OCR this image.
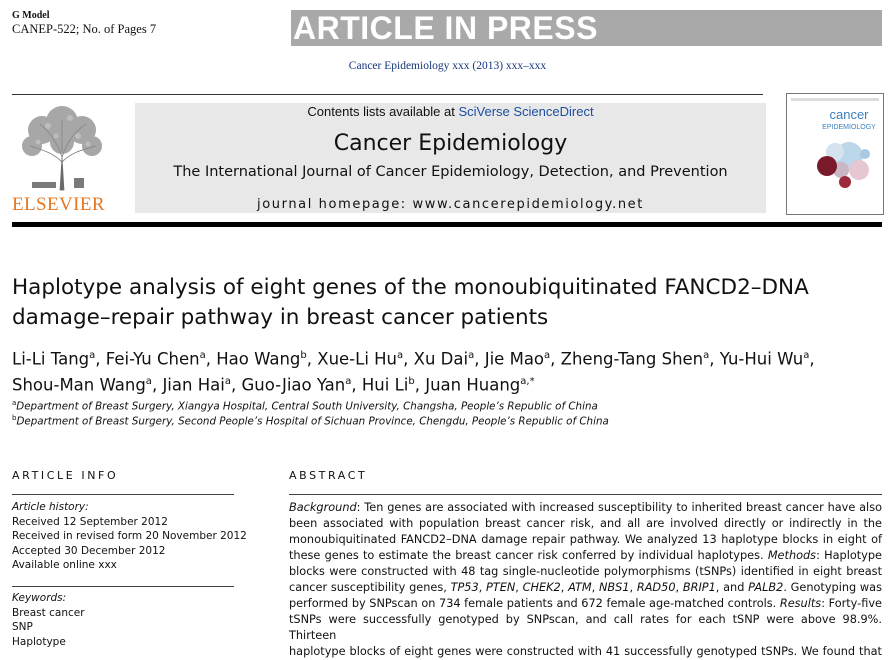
G Model
CANEP-522; No. of Pages 7	ARTICLE IN PRESS
Cancer Epidemiology xxx (2013) xxx–xxx
ELSEVIER
Contents lists available at SciVerse ScienceDirect
Cancer Epidemiology
The International Journal of Cancer Epidemiology, Detection, and Prevention
journal homepage: www.cancerepidemiology.net
cancer
EPIDEMIOLOGY
Haplotype analysis of eight genes of the monoubiquitinated FANCD2–DNA
damage–repair pathway in breast cancer patients
Li-Li Tang$^a$, Fei-Yu Chen$^a$, Hao Wang$^b$, Xue-Li Hu$^a$, Xu Dai$^a$, Jie Mao$^a$, Zheng-Tang Shen$^a$, Yu-Hui Wu$^a$,
Shou-Man Wang$^a$, Jian Hai$^a$, Guo-Jiao Yan$^a$, Hui Li$^b$, Juan Huang$^{a,*}$
$^a$Department of Breast Surgery, Xiangya Hospital, Central South University, Changsha, People’s Republic of China
$^b$Department of Breast Surgery, Second People’s Hospital of Sichuan Province, Chengdu, People’s Republic of China
ARTICLE INFO
Article history:
Received 12 September 2012
Received in revised form 20 November 2012
Accepted 30 December 2012
Available online xxx
Keywords:
Breast cancer
SNP
Haplotype
ABSTRACT
Background: Ten genes are associated with increased susceptibility to inherited breast cancer have also
been associated with population breast cancer risk, and all are involved directly or indirectly in the
monoubiquitinated FANCD2–DNA damage repair pathway. We analyzed 13 haplotype blocks in eight of
these genes to estimate the breast cancer risk conferred by individual haplotypes. Methods: Haplotype
blocks were constructed with 48 tag single-nucleotide polymorphisms (tSNPs) identified in eight breast
cancer susceptibility genes, TP53, PTEN, CHEK2, ATM, NBS1, RAD50, BRIP1, and PALB2. Genotyping was
performed by SNPscan on 734 female patients and 672 female age-matched controls. Results: Forty-five
tSNPs were successfully genotyped by SNPscan, and call rates for each tSNP were above 98.9%. Thirteen
haplotype blocks of eight genes were constructed with 41 successfully genotyped tSNPs. We found that
